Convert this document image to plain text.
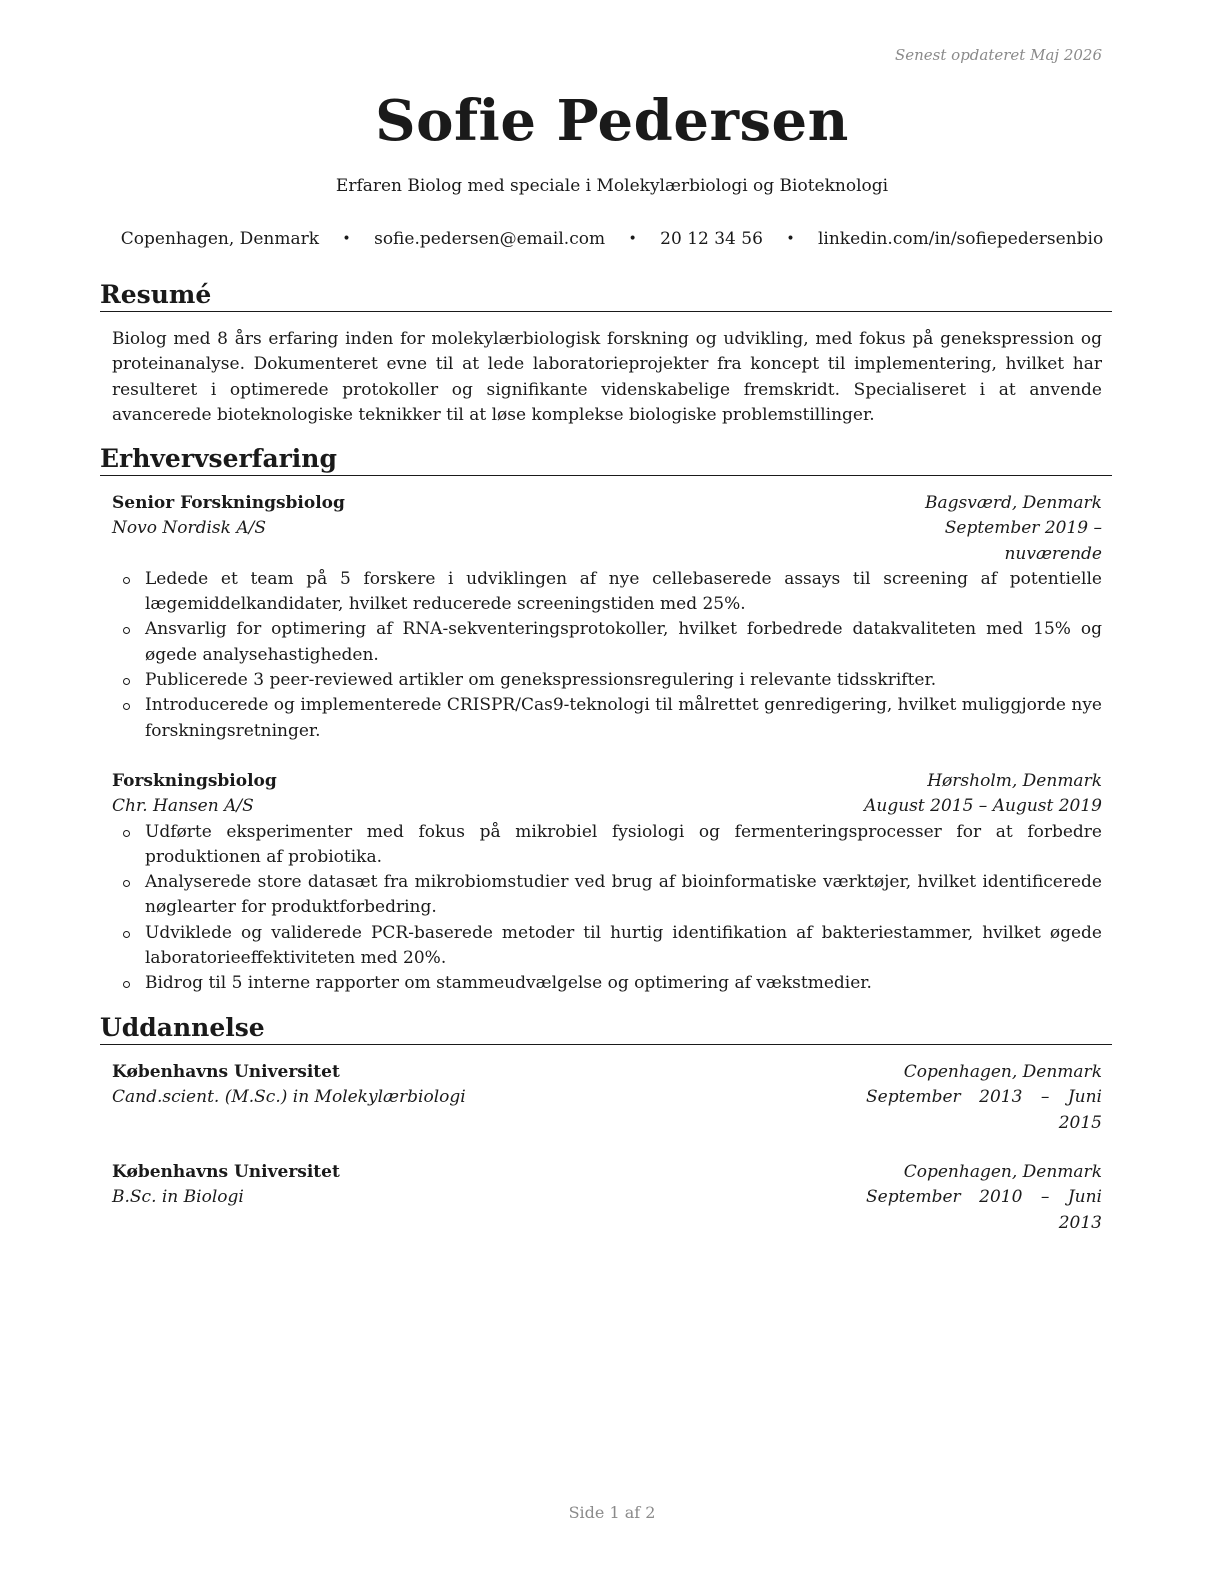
Senest opdateret Maj 2026
Sofie Pedersen
Erfaren Biolog med speciale i Molekylærbiologi og Bioteknologi
Copenhagen, Denmark • sofie.pedersen@email.com • 20 12 34 56 • linkedin.com/in/sofiepedersenbio
Resumé

Biolog med 8 års erfaring inden for molekylærbiologisk forskning og udvikling, med fokus på genekspression og proteinanalyse. Dokumenteret evne til at lede laboratorieprojekter fra koncept til implementering, hvilket har resulteret i optimerede protokoller og signifikante videnskabelige fremskridt. Specialiseret i at anvende avancerede bioteknologiske teknikker til at løse komplekse biologiske problemstillinger.

Erhvervserfaring
Senior Forskningsbiolog	Bagsværd, Denmark
Novo Nordisk A/S	September 2019 – nuværende
Ledede et team på 5 forskere i udviklingen af nye cellebaserede assays til screening af potentielle lægemiddelkandidater, hvilket reducerede screeningstiden med 25%.
Ansvarlig for optimering af RNA-sekventeringsprotokoller, hvilket forbedrede datakvaliteten med 15% og øgede analysehastigheden.
Publicerede 3 peer-reviewed artikler om genekspressionsregulering i relevante tidsskrifter.
Introducerede og implementerede CRISPR/Cas9-teknologi til målrettet genredigering, hvilket muliggjorde nye forskningsretninger.
Forskningsbiolog	Hørsholm, Denmark
Chr. Hansen A/S	August 2015 – August 2019
Udførte eksperimenter med fokus på mikrobiel fysiologi og fermenteringsprocesser for at forbedre produktionen af probiotika.
Analyserede store datasæt fra mikrobiomstudier ved brug af bioinformatiske værktøjer, hvilket identificerede nøglearter for produktforbedring.
Udviklede og validerede PCR-baserede metoder til hurtig identifikation af bakteriestammer, hvilket øgede laboratorieeffektiviteten med 20%.
Bidrog til 5 interne rapporter om stammeudvælgelse og optimering af vækstmedier.
Uddannelse
Københavns Universitet	Copenhagen, Denmark
Cand.scient. (M.Sc.) in Molekylærbiologi	September 2013 – Juni 2015
Københavns Universitet	Copenhagen, Denmark
B.Sc. in Biologi	September 2010 – Juni 2013
Side 1 af 2
